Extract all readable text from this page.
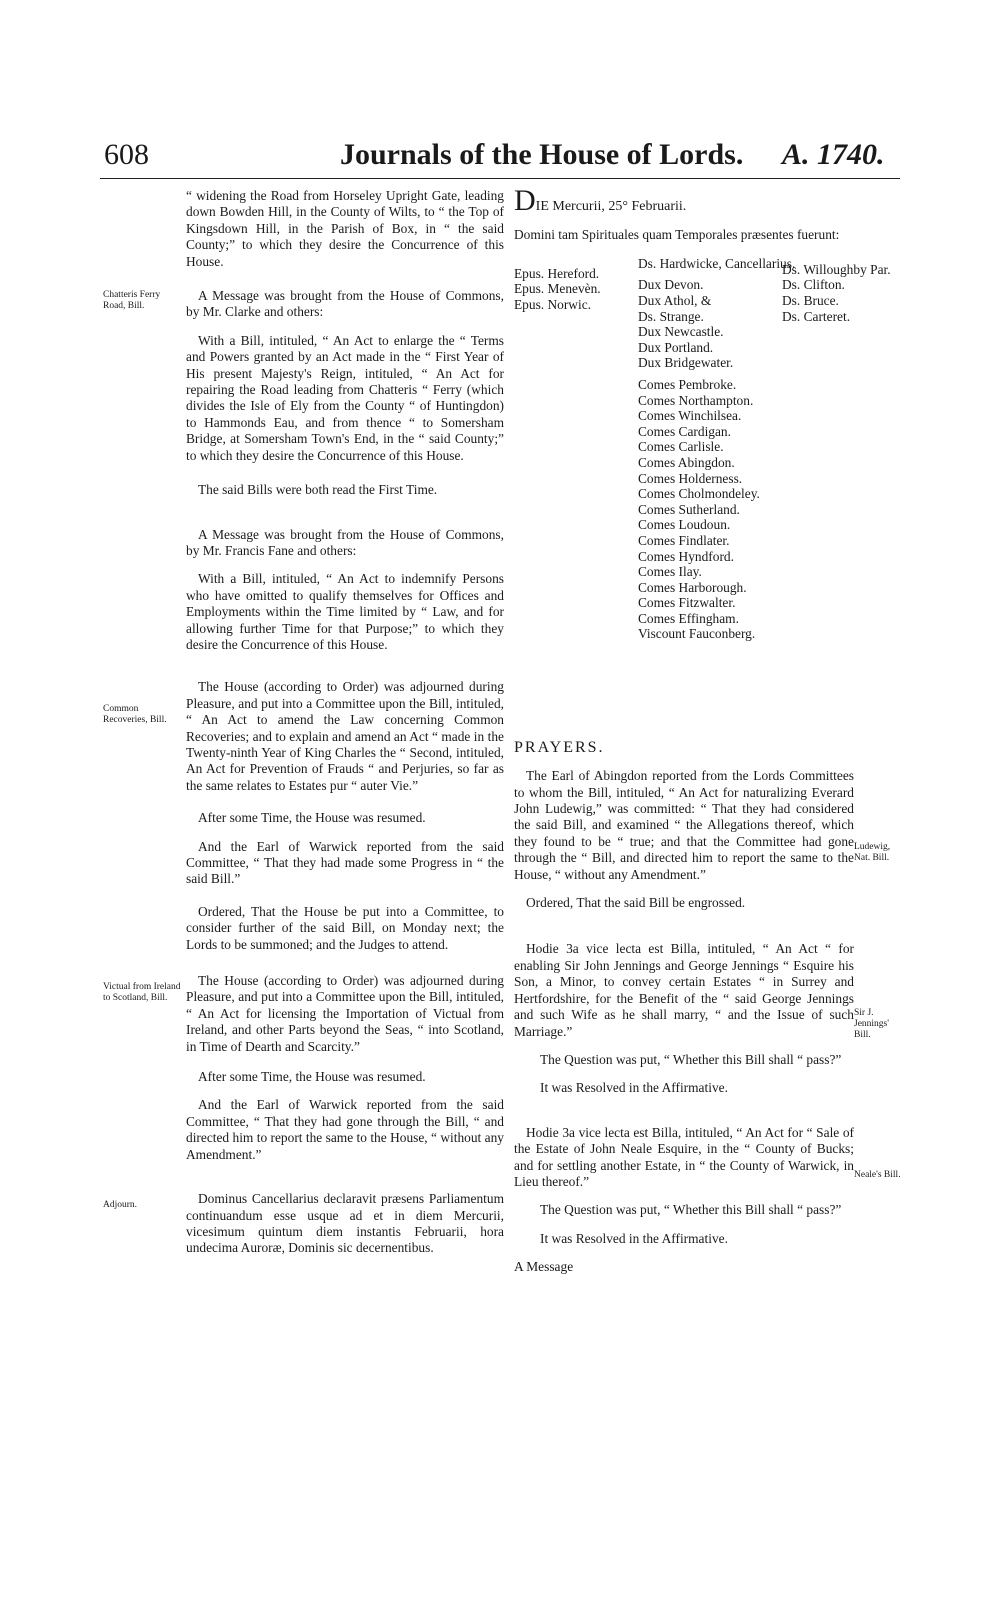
608	Journals of the House of Lords. A. 1740.
Chatteris Ferry Road, Bill.
Common Recoveries, Bill.
Victual from Ireland to Scotland, Bill.
Adjourn.

“ widening the Road from Horseley Upright Gate, leading down Bowden Hill, in the County of Wilts, to “ the Top of Kingsdown Hill, in the Parish of Box, in “ the said County;” to which they desire the Concurrence of this House.

A Message was brought from the House of Commons, by Mr. Clarke and others:

With a Bill, intituled, “ An Act to enlarge the “ Terms and Powers granted by an Act made in the “ First Year of His present Majesty's Reign, intituled, “ An Act for repairing the Road leading from Chatteris “ Ferry (which divides the Isle of Ely from the County “ of Huntingdon) to Hammonds Eau, and from thence “ to Somersham Bridge, at Somersham Town's End, in the “ said County;” to which they desire the Concurrence of this House.

The said Bills were both read the First Time.

A Message was brought from the House of Commons, by Mr. Francis Fane and others:

With a Bill, intituled, “ An Act to indemnify Persons who have omitted to qualify themselves for Offices and Employments within the Time limited by “ Law, and for allowing further Time for that Purpose;” to which they desire the Concurrence of this House.

The House (according to Order) was adjourned during Pleasure, and put into a Committee upon the Bill, intituled, “ An Act to amend the Law concerning Common Recoveries; and to explain and amend an Act “ made in the Twenty-ninth Year of King Charles the “ Second, intituled, An Act for Prevention of Frauds “ and Perjuries, so far as the same relates to Estates pur “ auter Vie.”

After some Time, the House was resumed.

And the Earl of Warwick reported from the said Committee, “ That they had made some Progress in “ the said Bill.”

Ordered, That the House be put into a Committee, to consider further of the said Bill, on Monday next; the Lords to be summoned; and the Judges to attend.

The House (according to Order) was adjourned during Pleasure, and put into a Committee upon the Bill, intituled, “ An Act for licensing the Importation of Victual from Ireland, and other Parts beyond the Seas, “ into Scotland, in Time of Dearth and Scarcity.”

After some Time, the House was resumed.

And the Earl of Warwick reported from the said Committee, “ That they had gone through the Bill, “ and directed him to report the same to the House, “ without any Amendment.”

Dominus Cancellarius declaravit præsens Parliamentum continuandum esse usque ad et in diem Mercurii, vicesimum quintum diem instantis Februarii, hora undecima Auroræ, Dominis sic decernentibus.

Ludewig, Nat. Bill.
Sir J. Jennings' Bill.
Neale's Bill.

DIE Mercurii, 25° Februarii.

Domini tam Spirituales quam Temporales præsentes fuerunt:

Epus. Hereford.
Epus. Menevèn.
Epus. Norwic.
Ds. Hardwicke, Cancellarius.
Dux Devon.
Dux Athol, &
Ds. Strange.
Dux Newcastle.
Dux Portland.
Dux Bridgewater.
Comes Pembroke.
Comes Northampton.
Comes Winchilsea.
Comes Cardigan.
Comes Carlisle.
Comes Abingdon.
Comes Holderness.
Comes Cholmondeley.
Comes Sutherland.
Comes Loudoun.
Comes Findlater.
Comes Hyndford.
Comes Ilay.
Comes Harborough.
Comes Fitzwalter.
Comes Effingham.
Viscount Fauconberg.
Ds. Willoughby Par.
Ds. Clifton.
Ds. Bruce.
Ds. Carteret.

PRAYERS.

The Earl of Abingdon reported from the Lords Committees to whom the Bill, intituled, “ An Act for naturalizing Everard John Ludewig,” was committed: “ That they had considered the said Bill, and examined “ the Allegations thereof, which they found to be “ true; and that the Committee had gone through the “ Bill, and directed him to report the same to the House, “ without any Amendment.”

Ordered, That the said Bill be engrossed.

Hodie 3a vice lecta est Billa, intituled, “ An Act “ for enabling Sir John Jennings and George Jennings “ Esquire his Son, a Minor, to convey certain Estates “ in Surrey and Hertfordshire, for the Benefit of the “ said George Jennings and such Wife as he shall marry, “ and the Issue of such Marriage.”

The Question was put, “ Whether this Bill shall “ pass?”

It was Resolved in the Affirmative.

Hodie 3a vice lecta est Billa, intituled, “ An Act for “ Sale of the Estate of John Neale Esquire, in the “ County of Bucks; and for settling another Estate, in “ the County of Warwick, in Lieu thereof.”

The Question was put, “ Whether this Bill shall “ pass?”

It was Resolved in the Affirmative.

A Message
